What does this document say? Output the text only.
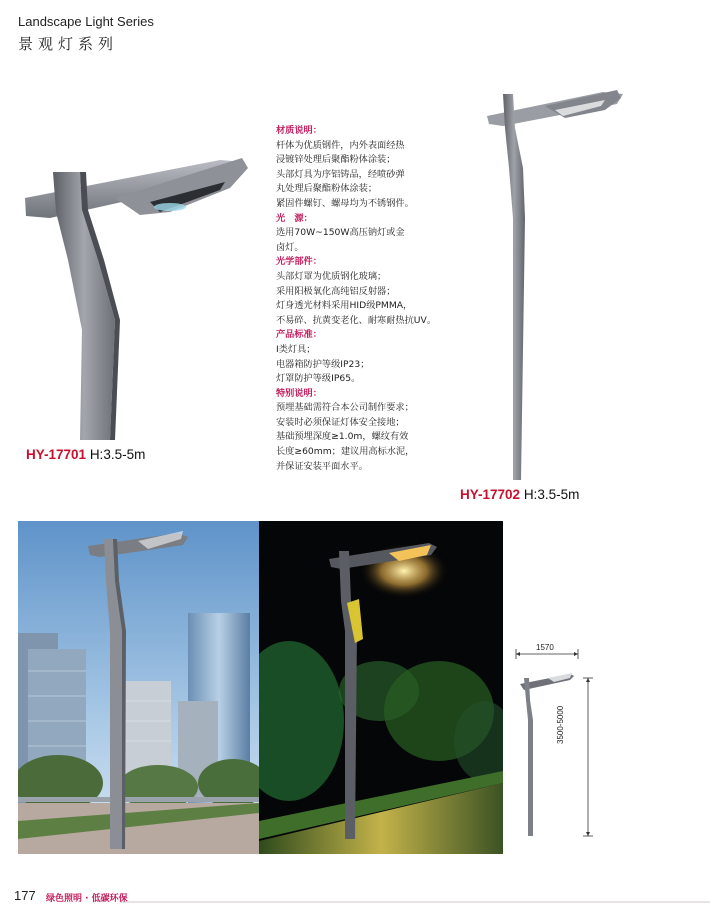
Landscape Light Series
景观灯系列
材质说明：
杆体为优质钢件，内外表面经热
浸镀锌处理后聚酯粉体涂装；
头部灯具为序铝铸品，经喷砂弹
丸处理后聚酯粉体涂装；
紧固件螺钉、螺母均为不锈钢件。
光　源：
选用70W~150W高压钠灯或金
卤灯。
光学部件：
头部灯罩为优质钢化玻璃；
采用阳极氧化高纯铝反射器；
灯身透光材料采用HID级PMMA，
不易碎、抗黄变老化、耐寒耐热抗UV。
产品标准：
Ⅰ类灯具；
电器箱防护等级IP23；
灯罩防护等级IP65。
特别说明：
预埋基础需符合本公司制作要求；
安装时必须保证灯体安全接地；
基础预埋深度≥1.0m，螺纹有效
长度≥60mm；建议用高标水泥，
并保证安装平面水平。
HY-17701 H:3.5-5m
HY-17702 H:3.5-5m
1570
3500-5000
177 绿色照明 · 低碳环保
